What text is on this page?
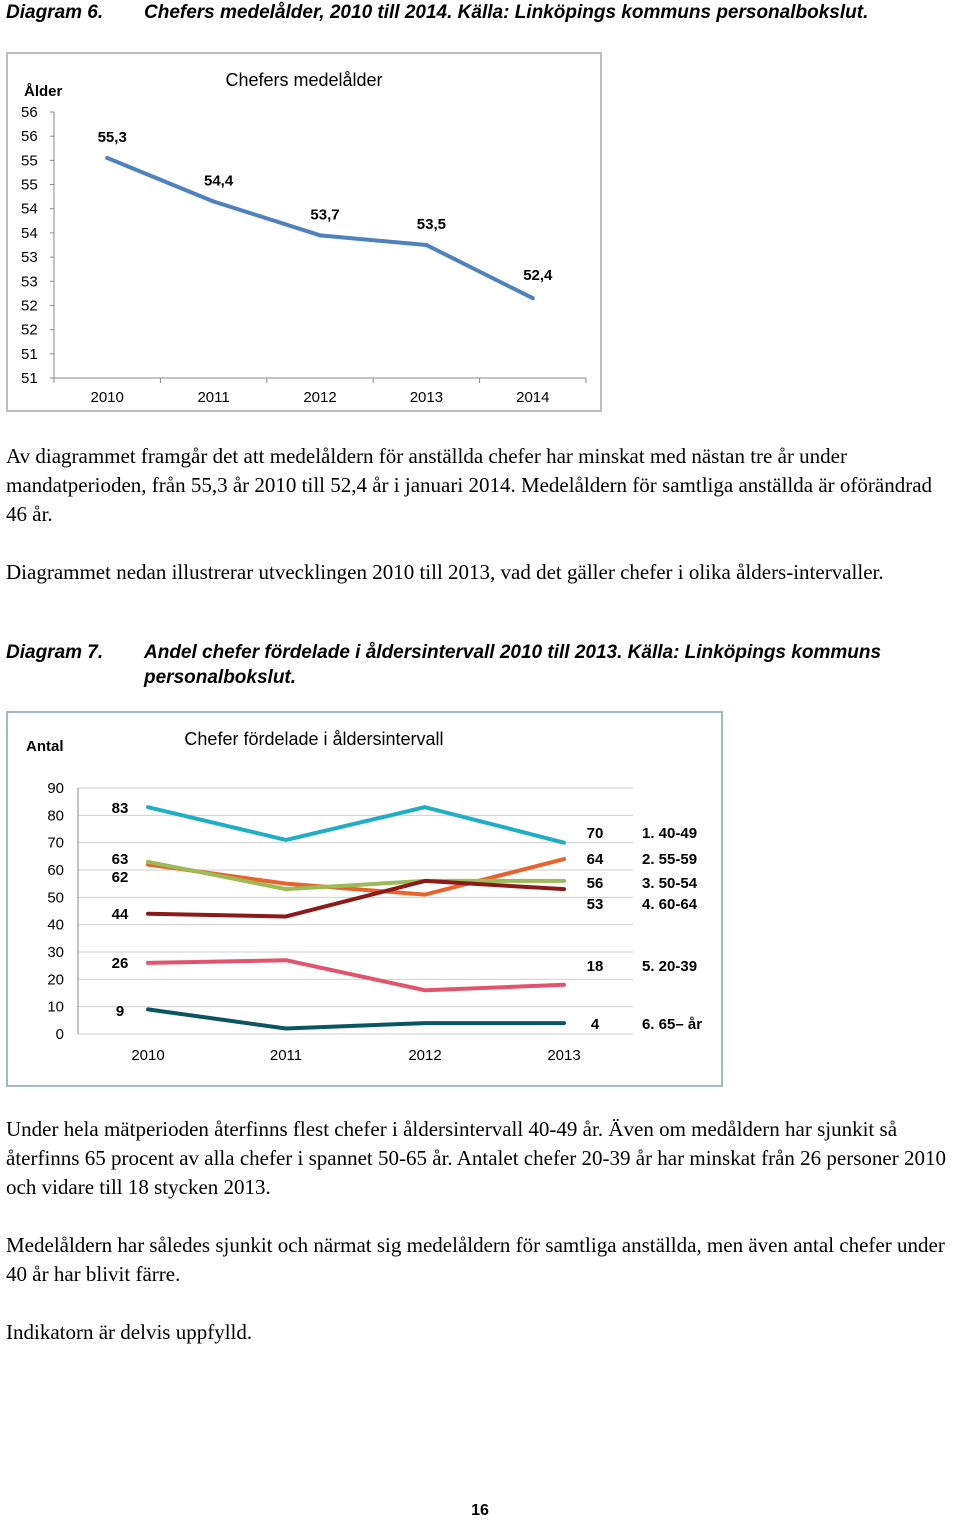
Diagram 6. Chefers medelålder, 2010 till 2014. Källa: Linköpings kommuns personalbokslut.
Chefers medelålder
Ålder
56
56
55
55
54
54
53
53
52
52
51
51
2010	2011	2012	2013	2014
55,3
54,4
53,7
53,5
52,4

Av diagrammet framgår det att medelåldern för anställda chefer har minskat med nästan tre år under mandatperioden, från 55,3 år 2010 till 52,4 år i januari 2014. Medelåldern för samtliga anställda är oförändrad 46 år.

Diagrammet nedan illustrerar utvecklingen 2010 till 2013, vad det gäller chefer i olika ålders-intervaller.

Diagram 7. Andel chefer fördelade i åldersintervall 2010 till 2013. Källa: Linköpings kommuns
personalbokslut.
Chefer fördelade i åldersintervall
Antal
90
80
70
60
50
40
30
20
10
0
2010	2011	2012	2013
83
63
62
44
26
9
70
64
56
53
18
4
1. 40-49
2. 55-59
3. 50-54
4. 60-64
5. 20-39
6. 65– år

Under hela mätperioden återfinns flest chefer i åldersintervall 40-49 år. Även om medåldern har sjunkit så återfinns 65 procent av alla chefer i spannet 50-65 år. Antalet chefer 20-39 år har minskat från 26 personer 2010 och vidare till 18 stycken 2013.

Medelåldern har således sjunkit och närmat sig medelåldern för samtliga anställda, men även antal chefer under 40 år har blivit färre.

Indikatorn är delvis uppfylld.

16
